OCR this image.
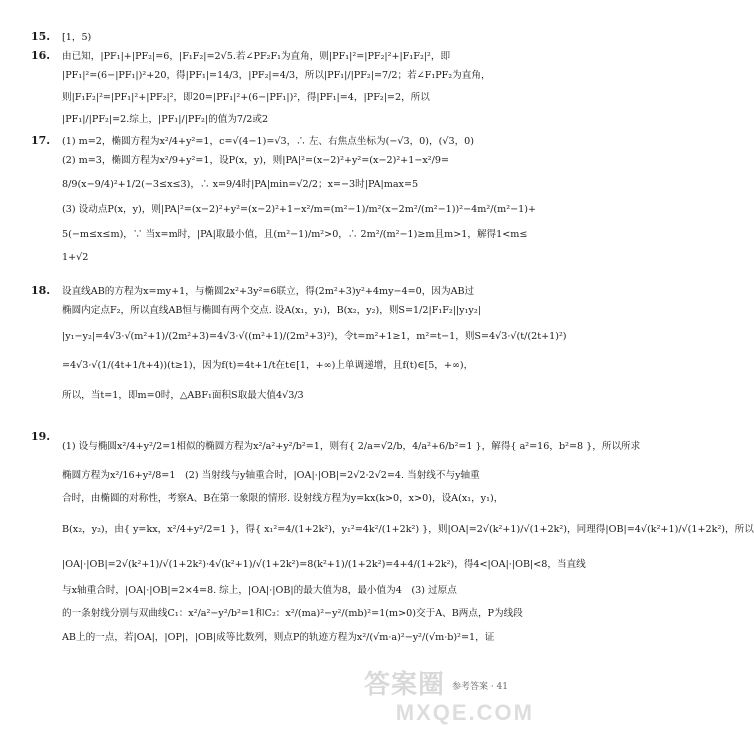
15. [1，5)
16. 由已知，|PF₁|+|PF₂|=6，|F₁F₂|=2√5.若∠PF₂F₁为直角，则|PF₁|²=|PF₂|²+|F₁F₂|²，即
|PF₁|²=(6−|PF₁|)²+20，得|PF₁|=14/3，|PF₂|=4/3，所以|PF₁|/|PF₂|=7/2；若∠F₁PF₂为直角，
则|F₁F₂|²=|PF₁|²+|PF₂|²，即20=|PF₁|²+(6−|PF₁|)²，得|PF₁|=4，|PF₂|=2，所以
|PF₁|/|PF₂|=2.综上，|PF₁|/|PF₂|的值为7/2或2
17. (1) m=2，椭圆方程为x²/4+y²=1，c=√(4−1)=√3，∴ 左、右焦点坐标为(−√3，0)，(√3，0)
(2) m=3，椭圆方程为x²/9+y²=1，设P(x，y)，则|PA|²=(x−2)²+y²=(x−2)²+1−x²/9=
8/9(x−9/4)²+1/2(−3≤x≤3)，∴ x=9/4时|PA|min=√2/2；x=−3时|PA|max=5
(3) 设动点P(x，y)，则|PA|²=(x−2)²+y²=(x−2)²+1−x²/m=(m²−1)/m²(x−2m²/(m²−1))²−4m²/(m²−1)+
5(−m≤x≤m)，∵ 当x=m时，|PA|取最小值，且(m²−1)/m²>0，∴ 2m²/(m²−1)≥m且m>1，解得1<m≤
1+√2
18. 设直线AB的方程为x=my+1，与椭圆2x²+3y²=6联立，得(2m²+3)y²+4my−4=0，因为AB过
椭圆内定点F₂，所以直线AB恒与椭圆有两个交点. 设A(x₁，y₁)，B(x₂，y₂)，则S=1/2|F₁F₂||y₁y₂|
|y₁−y₂|=4√3·√(m²+1)/(2m²+3)=4√3·√((m²+1)/(2m²+3)²)，令t=m²+1≥1，m²=t−1，则S=4√3·√(t/(2t+1)²)
=4√3·√(1/(4t+1/t+4))(t≥1)，因为f(t)=4t+1/t在t∈[1，+∞)上单调递增，且f(t)∈[5，+∞)，
所以，当t=1，即m=0时，△ABF₁面积S取最大值4√3/3
19.
(1) 设与椭圆x²/4+y²/2=1相似的椭圆方程为x²/a²+y²/b²=1，则有{ 2/a=√2/b，4/a²+6/b²=1 }，解得{ a²=16，b²=8 }，所以所求
椭圆方程为x²/16+y²/8=1　(2) 当射线与y轴重合时，|OA|·|OB|=2√2·2√2=4. 当射线不与y轴重
合时，由椭圆的对称性，考察A、B在第一象限的情形. 设射线方程为y=kx(k>0，x>0)，设A(x₁，y₁)，
B(x₂，y₂)，由{ y=kx，x²/4+y²/2=1 }，得{ x₁²=4/(1+2k²)，y₁²=4k²/(1+2k²) }，则|OA|=2√(k²+1)/√(1+2k²)，同理得|OB|=4√(k²+1)/√(1+2k²)，所以
|OA|·|OB|=2√(k²+1)/√(1+2k²)·4√(k²+1)/√(1+2k²)=8(k²+1)/(1+2k²)=4+4/(1+2k²)，得4<|OA|·|OB|<8，当直线
与x轴重合时，|OA|·|OB|=2×4=8. 综上，|OA|·|OB|的最大值为8，最小值为4　(3) 过原点
的一条射线分别与双曲线C₁：x²/a²−y²/b²=1和C₂：x²/(ma)²−y²/(mb)²=1(m>0)交于A、B两点，P为线段
AB上的一点，若|OA|，|OP|，|OB|成等比数列，则点P的轨迹方程为x²/(√m·a)²−y²/(√m·b)²=1，证
参考答案 · 41
答案圈
MXQE.COM
